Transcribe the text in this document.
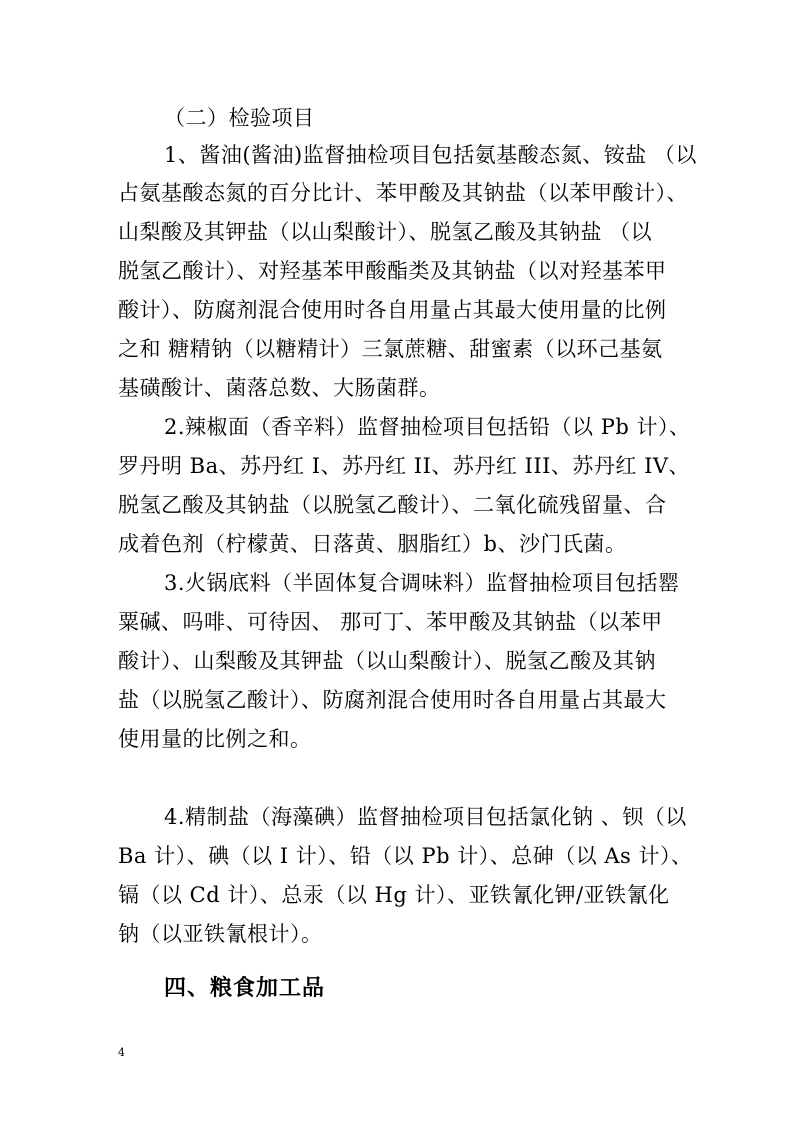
（二）检验项目
1、酱油(酱油)监督抽检项目包括氨基酸态氮、铵盐 （以
占氨基酸态氮的百分比计、苯甲酸及其钠盐（以苯甲酸计）、
山梨酸及其钾盐（以山梨酸计）、脱氢乙酸及其钠盐 （以
脱氢乙酸计）、对羟基苯甲酸酯类及其钠盐（以对羟基苯甲
酸计）、防腐剂混合使用时各自用量占其最大使用量的比例
之和 糖精钠（以糖精计）三氯蔗糖、甜蜜素（以环己基氨
基磺酸计、菌落总数、大肠菌群。
2.辣椒面（香辛料）监督抽检项目包括铅（以 Pb 计）、
罗丹明 Ba、苏丹红 I、苏丹红 II、苏丹红 III、苏丹红 IV、
脱氢乙酸及其钠盐（以脱氢乙酸计）、二氧化硫残留量、合
成着色剂（柠檬黄、日落黄、胭脂红）b、沙门氏菌。
3.火锅底料（半固体复合调味料）监督抽检项目包括罂
粟碱、吗啡、可待因、 那可丁、苯甲酸及其钠盐（以苯甲
酸计）、山梨酸及其钾盐（以山梨酸计）、脱氢乙酸及其钠
盐（以脱氢乙酸计）、防腐剂混合使用时各自用量占其最大
使用量的比例之和。
4.精制盐（海藻碘）监督抽检项目包括氯化钠 、钡（以
Ba 计）、碘（以 I 计）、铅（以 Pb 计）、总砷（以 As 计）、
镉（以 Cd 计）、总汞（以 Hg 计）、亚铁氰化钾/亚铁氰化
钠（以亚铁氰根计）。
四、粮食加工品
4
